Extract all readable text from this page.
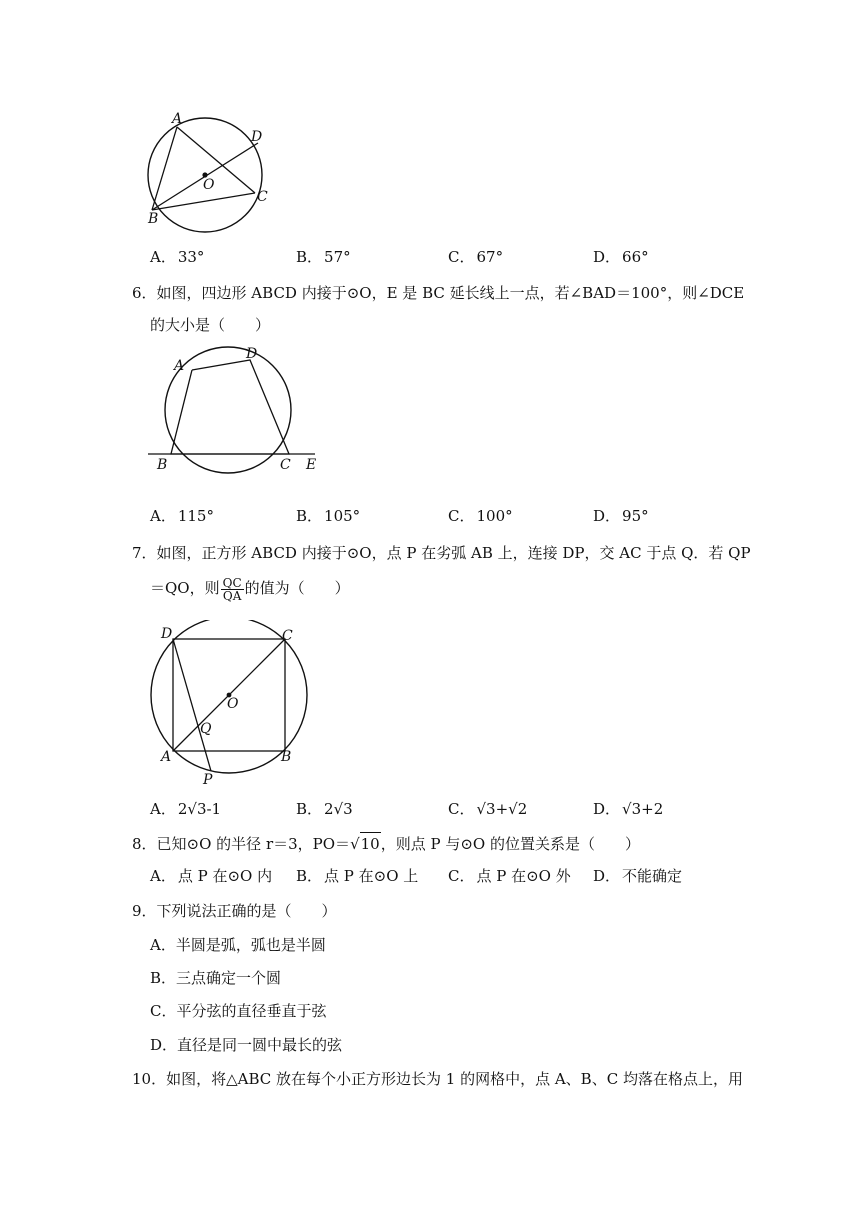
A
D
O
C
B
A． 33°	B． 57°	C． 67°	D． 66°
6．如图，四边形 ABCD 内接于⊙O，E 是 BC 延长线上一点，若∠BAD＝100°，则∠DCE
的大小是（　　）
A
D
B	C E
A． 115°	B． 105°	C． 100°	D． 95°
7．如图，正方形 ABCD 内接于⊙O，点 P 在劣弧 AB 上，连接 DP，交 AC 于点 Q．若 QP
＝QO，则 $\frac{QC}{QA}$ 的值为（　　）
D	C
O
Q
A	B
P
A． 2√3-1	B． 2√3	C． √3+√2	D． √3+2
8．已知⊙O 的半径 r＝3，PO＝√10，则点 P 与⊙O 的位置关系是（　　）
A． 点 P 在⊙O 内 B． 点 P 在⊙O 上 C． 点 P 在⊙O 外 D． 不能确定
9．下列说法正确的是（　　）
A．半圆是弧，弧也是半圆
B．三点确定一个圆
C．平分弦的直径垂直于弦
D．直径是同一圆中最长的弦
10．如图，将△ABC 放在每个小正方形边长为 1 的网格中，点 A、B、C 均落在格点上，用
